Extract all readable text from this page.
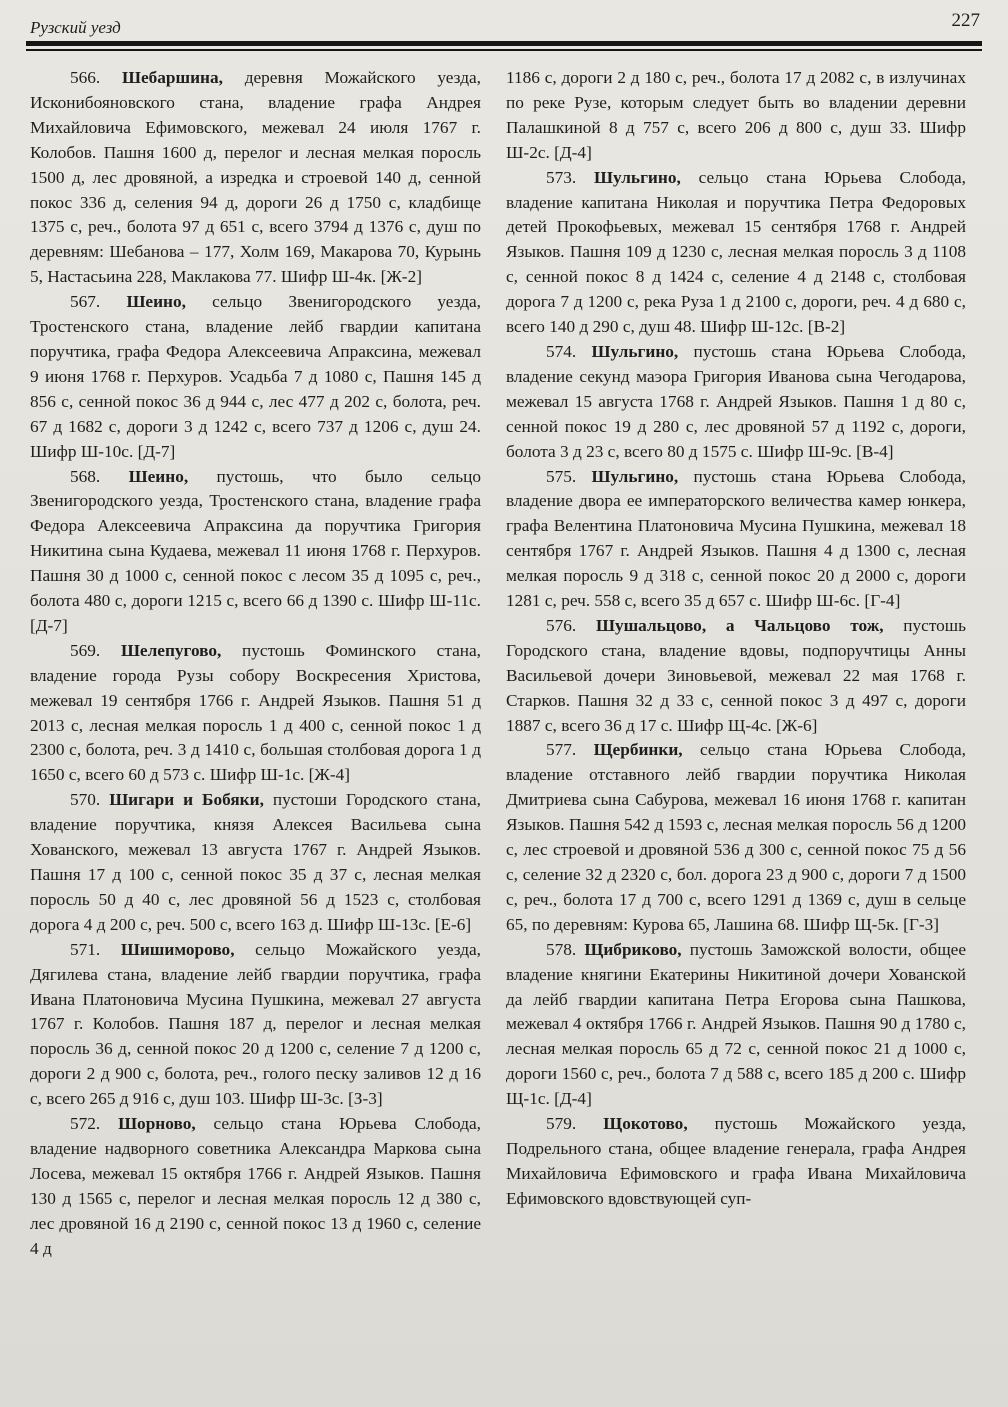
Рузский уезд	227

566. Шебаршина, деревня Можайского уезда, Исконибояновского стана, владение графа Андрея Михайловича Ефимовского, межевал 24 июля 1767 г. Колобов. Пашня 1600 д, перелог и лесная мелкая поросль 1500 д, лес дровяной, а изредка и строевой 140 д, сенной покос 336 д, селения 94 д, дороги 26 д 1750 с, кладбище 1375 с, реч., болота 97 д 651 с, всего 3794 д 1376 с, душ по деревням: Шебанова – 177, Холм 169, Макарова 70, Курынь 5, Настасьина 228, Маклакова 77. Шифр Ш-4к. [Ж-2]

567. Шеино, сельцо Звенигородского уезда, Тростенского стана, владение лейб гвардии капитана поручтика, графа Федора Алексеевича Апраксина, межевал 9 июня 1768 г. Перхуров. Усадьба 7 д 1080 с, Пашня 145 д 856 с, сенной покос 36 д 944 с, лес 477 д 202 с, болота, реч. 67 д 1682 с, дороги 3 д 1242 с, всего 737 д 1206 с, душ 24. Шифр Ш-10с. [Д-7]

568. Шеино, пустошь, что было сельцо Звенигородского уезда, Тростенского стана, владение графа Федора Алексеевича Апраксина да поручтика Григория Никитина сына Кудаева, межевал 11 июня 1768 г. Перхуров. Пашня 30 д 1000 с, сенной покос с лесом 35 д 1095 с, реч., болота 480 с, дороги 1215 с, всего 66 д 1390 с. Шифр Ш-11с. [Д-7]

569. Шелепугово, пустошь Фоминского стана, владение города Рузы собору Воскресения Христова, межевал 19 сентября 1766 г. Андрей Языков. Пашня 51 д 2013 с, лесная мелкая поросль 1 д 400 с, сенной покос 1 д 2300 с, болота, реч. 3 д 1410 с, большая столбовая дорога 1 д 1650 с, всего 60 д 573 с. Шифр Ш-1с. [Ж-4]

570. Шигари и Бобяки, пустоши Городского стана, владение поручтика, князя Алексея Васильева сына Хованского, межевал 13 августа 1767 г. Андрей Языков. Пашня 17 д 100 с, сенной покос 35 д 37 с, лесная мелкая поросль 50 д 40 с, лес дровяной 56 д 1523 с, столбовая дорога 4 д 200 с, реч. 500 с, всего 163 д. Шифр Ш-13с. [Е-6]

571. Шишиморово, сельцо Можайского уезда, Дягилева стана, владение лейб гвардии поручтика, графа Ивана Платоновича Мусина Пушкина, межевал 27 августа 1767 г. Колобов. Пашня 187 д, перелог и лесная мелкая поросль 36 д, сенной покос 20 д 1200 с, селение 7 д 1200 с, дороги 2 д 900 с, болота, реч., голого песку заливов 12 д 16 с, всего 265 д 916 с, душ 103. Шифр Ш-3с. [З-3]

572. Шорново, сельцо стана Юрьева Слобода, владение надворного советника Александра Маркова сына Лосева, межевал 15 октября 1766 г. Андрей Языков. Пашня 130 д 1565 с, перелог и лесная мелкая поросль 12 д 380 с, лес дровяной 16 д 2190 с, сенной покос 13 д 1960 с, селение 4 д

1186 с, дороги 2 д 180 с, реч., болота 17 д 2082 с, в излучинах по реке Рузе, которым следует быть во владении деревни Палашкиной 8 д 757 с, всего 206 д 800 с, душ 33. Шифр Ш-2с. [Д-4]

573. Шульгино, сельцо стана Юрьева Слобода, владение капитана Николая и поручтика Петра Федоровых детей Прокофьевых, межевал 15 сентября 1768 г. Андрей Языков. Пашня 109 д 1230 с, лесная мелкая поросль 3 д 1108 с, сенной покос 8 д 1424 с, селение 4 д 2148 с, столбовая дорога 7 д 1200 с, река Руза 1 д 2100 с, дороги, реч. 4 д 680 с, всего 140 д 290 с, душ 48. Шифр Ш-12с. [В-2]

574. Шульгино, пустошь стана Юрьева Слобода, владение секунд маэора Григория Иванова сына Чегодарова, межевал 15 августа 1768 г. Андрей Языков. Пашня 1 д 80 с, сенной покос 19 д 280 с, лес дровяной 57 д 1192 с, дороги, болота 3 д 23 с, всего 80 д 1575 с. Шифр Ш-9с. [В-4]

575. Шульгино, пустошь стана Юрьева Слобода, владение двора ее императорского величества камер юнкера, графа Велентина Платоновича Мусина Пушкина, межевал 18 сентября 1767 г. Андрей Языков. Пашня 4 д 1300 с, лесная мелкая поросль 9 д 318 с, сенной покос 20 д 2000 с, дороги 1281 с, реч. 558 с, всего 35 д 657 с. Шифр Ш-6с. [Г-4]

576. Шушальцово, а Чальцово тож, пустошь Городского стана, владение вдовы, подпоручтицы Анны Васильевой дочери Зиновьевой, межевал 22 мая 1768 г. Старков. Пашня 32 д 33 с, сенной покос 3 д 497 с, дороги 1887 с, всего 36 д 17 с. Шифр Щ-4с. [Ж-6]

577. Щербинки, сельцо стана Юрьева Слобода, владение отставного лейб гвардии поручтика Николая Дмитриева сына Сабурова, межевал 16 июня 1768 г. капитан Языков. Пашня 542 д 1593 с, лесная мелкая поросль 56 д 1200 с, лес строевой и дровяной 536 д 300 с, сенной покос 75 д 56 с, селение 32 д 2320 с, бол. дорога 23 д 900 с, дороги 7 д 1500 с, реч., болота 17 д 700 с, всего 1291 д 1369 с, душ в сельце 65, по деревням: Курова 65, Лашина 68. Шифр Щ-5к. [Г-3]

578. Щибриково, пустошь Заможской волости, общее владение княгини Екатерины Никитиной дочери Хованской да лейб гвардии капитана Петра Егорова сына Пашкова, межевал 4 октября 1766 г. Андрей Языков. Пашня 90 д 1780 с, лесная мелкая поросль 65 д 72 с, сенной покос 21 д 1000 с, дороги 1560 с, реч., болота 7 д 588 с, всего 185 д 200 с. Шифр Щ-1с. [Д-4]

579. Щокотово, пустошь Можайского уезда, Подрельного стана, общее владение генерала, графа Андрея Михайловича Ефимовского и графа Ивана Михайловича Ефимовского вдовствующей суп-
